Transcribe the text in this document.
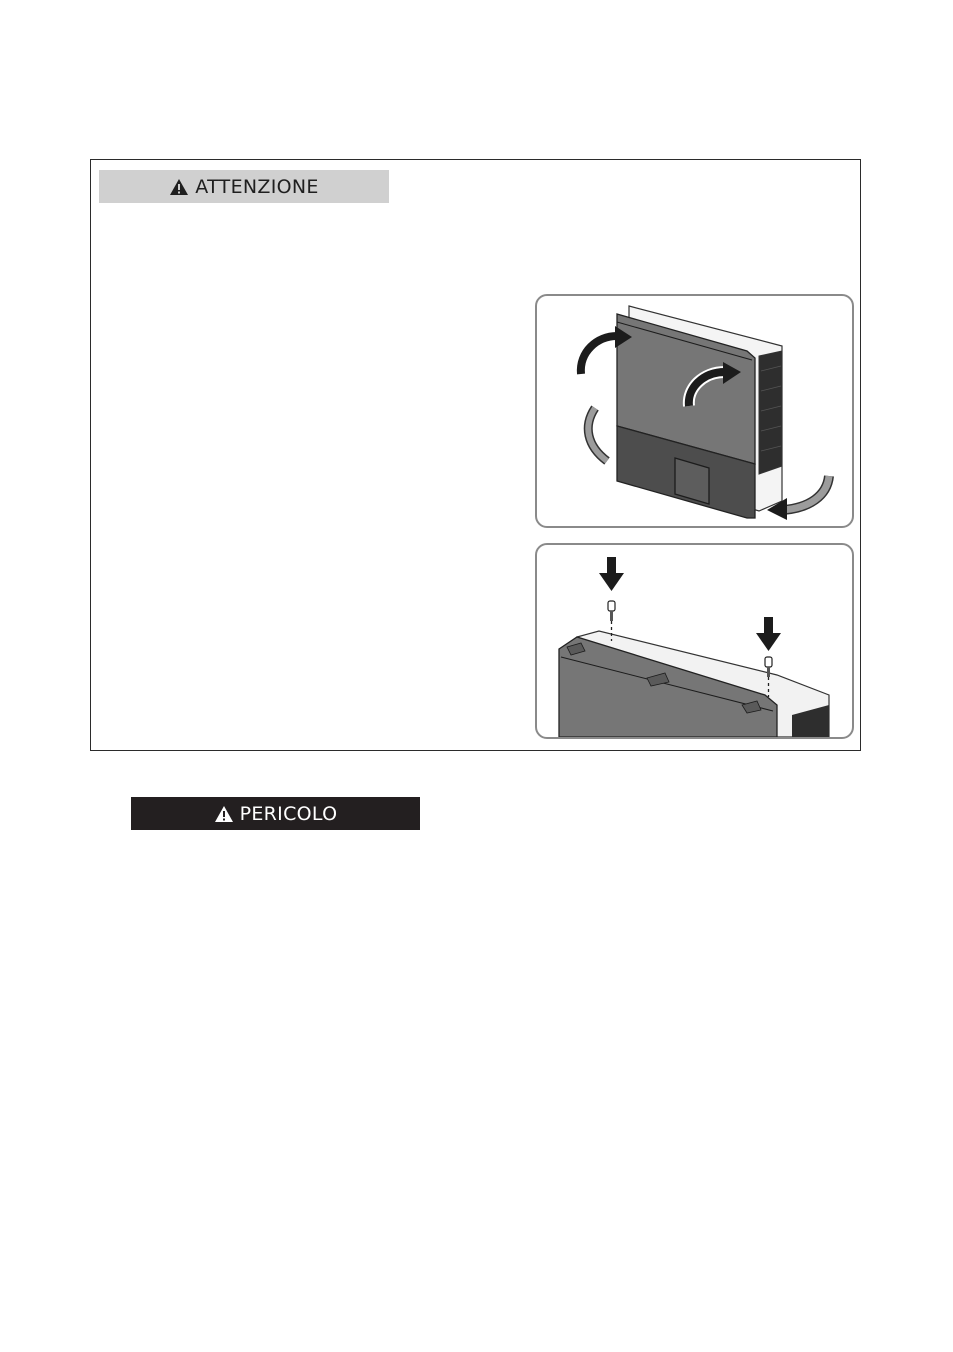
ATTENZIONE
PERICOLO
